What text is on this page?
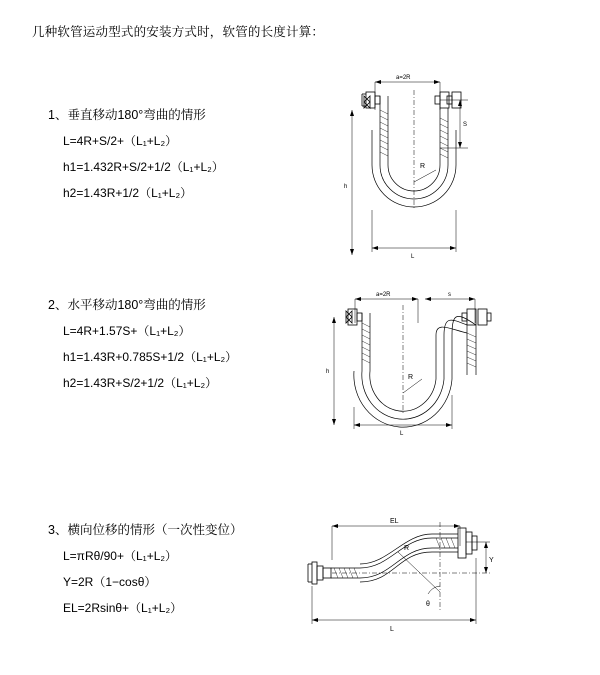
几种软管运动型式的安装方式时，软管的长度计算：
1、垂直移动180°弯曲的情形
L=4R+S/2+（L₁+L₂）
h1=1.432R+S/2+1/2（L₁+L₂）
h2=1.43R+1/2（L₁+L₂）
a=2R
S
h
R
L
2、水平移动180°弯曲的情形
L=4R+1.57S+（L₁+L₂）
h1=1.43R+0.785S+1/2（L₁+L₂）
h2=1.43R+S/2+1/2（L₁+L₂）
a=2R	s
h
R
L
3、横向位移的情形（一次性变位）
L=πRθ/90+（L₁+L₂）
Y=2R（1−cosθ）
EL=2Rsinθ+（L₁+L₂）
EL
R
θ
Y
L
